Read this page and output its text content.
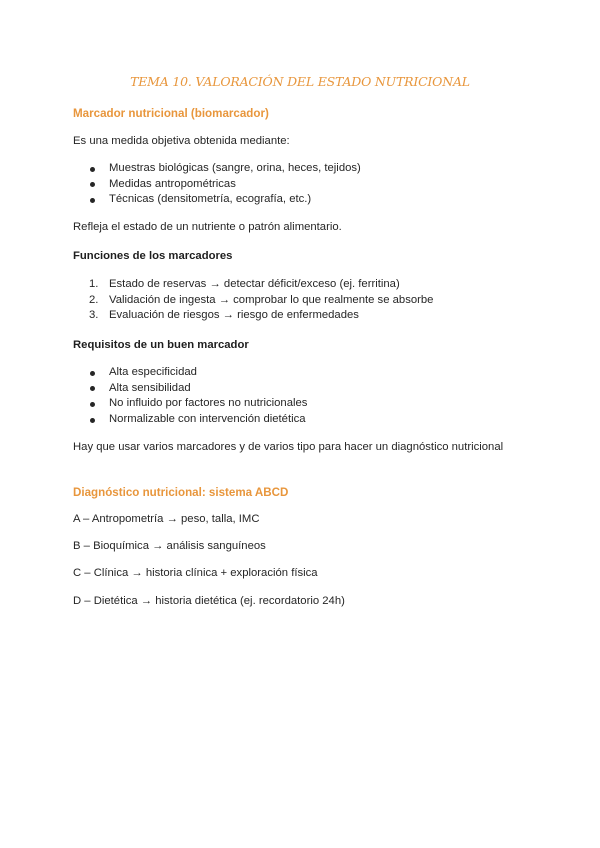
TEMA 10. VALORACIÓN DEL ESTADO NUTRICIONAL
Marcador nutricional (biomarcador)
Es una medida objetiva obtenida mediante:
Muestras biológicas (sangre, orina, heces, tejidos)
Medidas antropométricas
Técnicas (densitometría, ecografía, etc.)
Refleja el estado de un nutriente o patrón alimentario.
Funciones de los marcadores
1. Estado de reservas → detectar déficit/exceso (ej. ferritina)
2. Validación de ingesta → comprobar lo que realmente se absorbe
3. Evaluación de riesgos → riesgo de enfermedades
Requisitos de un buen marcador
Alta especificidad
Alta sensibilidad
No influido por factores no nutricionales
Normalizable con intervención dietética
Hay que usar varios marcadores y de varios tipo para hacer un diagnóstico nutricional
Diagnóstico nutricional: sistema ABCD
A – Antropometría → peso, talla, IMC
B – Bioquímica → análisis sanguíneos
C – Clínica → historia clínica + exploración física
D – Dietética → historia dietética (ej. recordatorio 24h)
